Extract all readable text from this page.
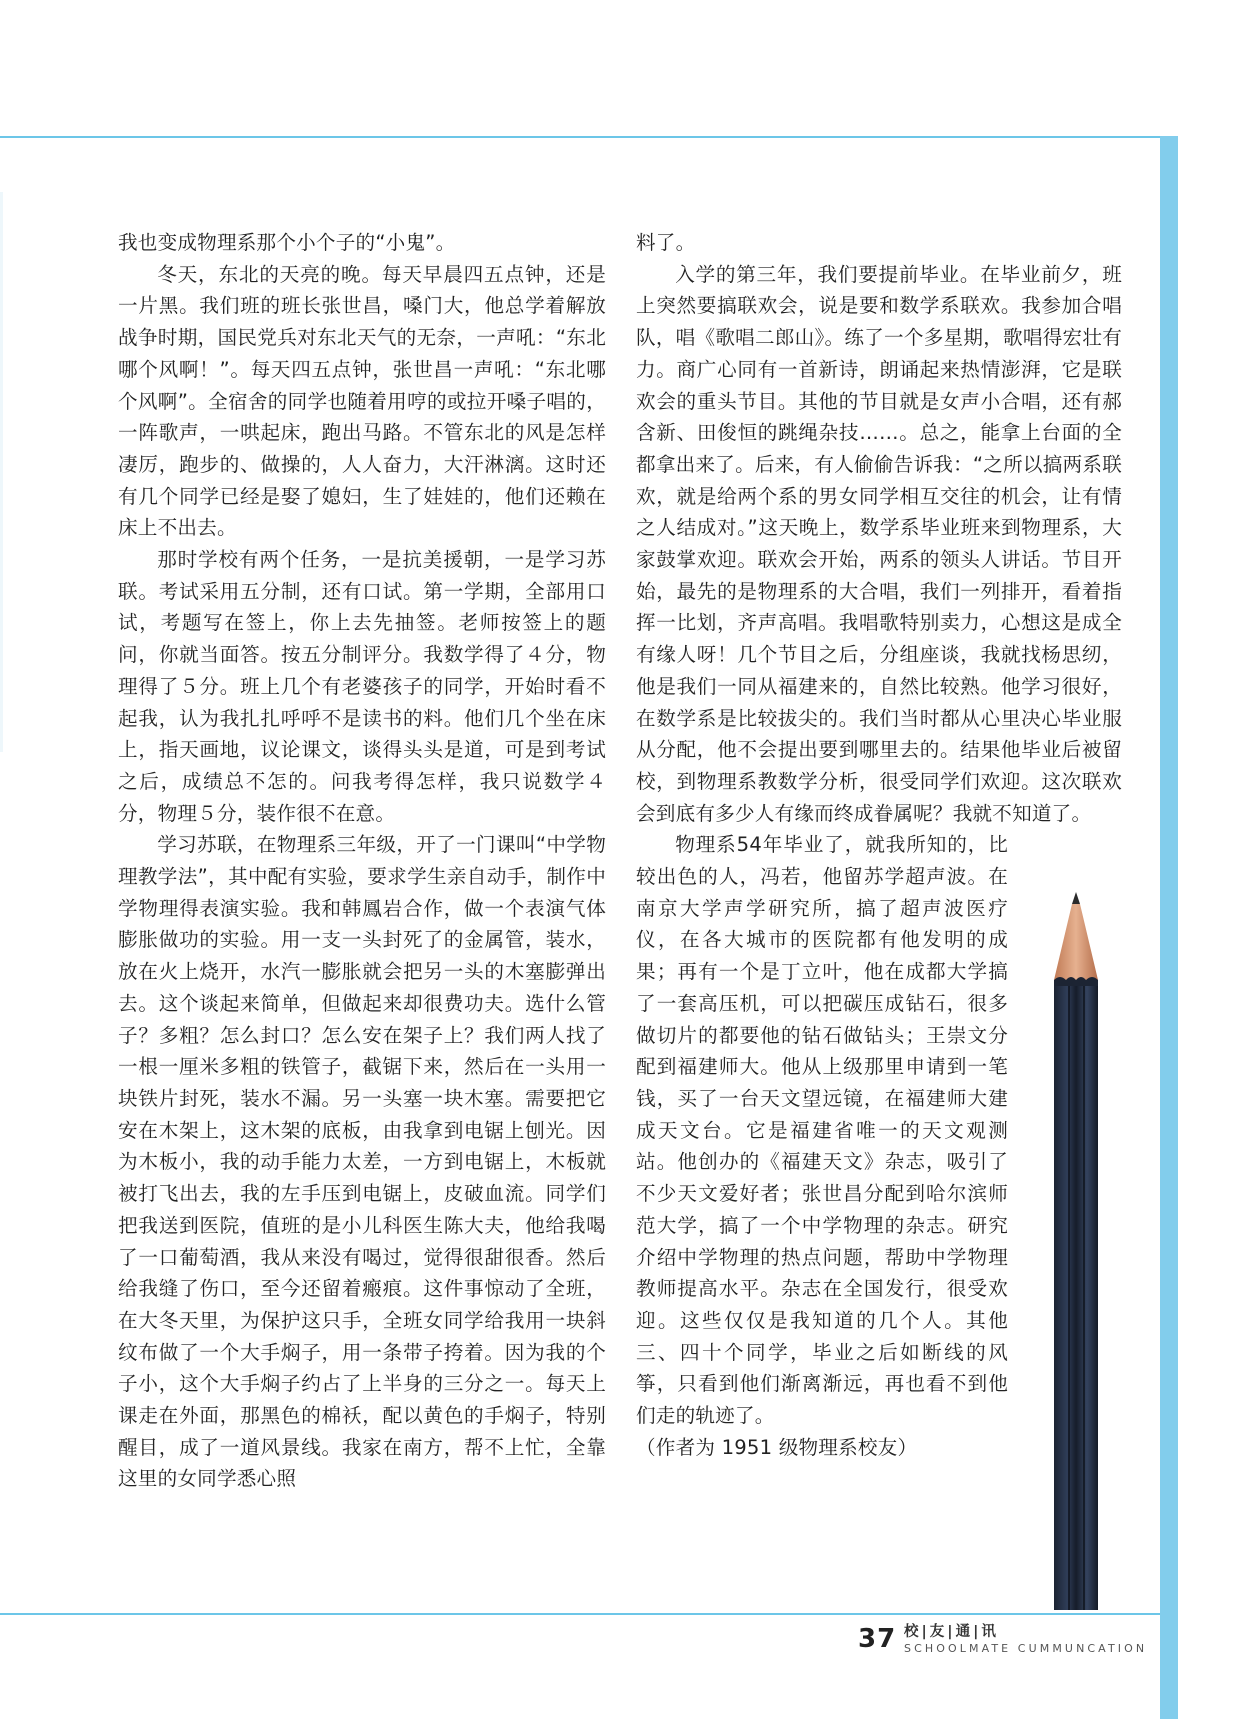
我也变成物理系那个小个子的“小鬼”。

冬天，东北的天亮的晚。每天早晨四五点钟，还是一片黑。我们班的班长张世昌，嗓门大，他总学着解放战争时期，国民党兵对东北天气的无奈，一声吼：“东北哪个风啊！”。每天四五点钟，张世昌一声吼：“东北哪个风啊”。全宿舍的同学也随着用哼的或拉开嗓子唱的，一阵歌声，一哄起床，跑出马路。不管东北的风是怎样凄厉，跑步的、做操的，人人奋力，大汗淋漓。这时还有几个同学已经是娶了媳妇，生了娃娃的，他们还赖在床上不出去。

那时学校有两个任务，一是抗美援朝，一是学习苏联。考试采用五分制，还有口试。第一学期，全部用口试，考题写在签上，你上去先抽签。老师按签上的题问，你就当面答。按五分制评分。我数学得了４分，物理得了５分。班上几个有老婆孩子的同学，开始时看不起我，认为我扎扎呼呼不是读书的料。他们几个坐在床上，指天画地，议论课文，谈得头头是道，可是到考试之后，成绩总不怎的。问我考得怎样，我只说数学４分，物理５分，装作很不在意。

学习苏联，在物理系三年级，开了一门课叫“中学物理教学法”，其中配有实验，要求学生亲自动手，制作中学物理得表演实验。我和韩鳳岩合作，做一个表演气体膨胀做功的实验。用一支一头封死了的金属管，装水，放在火上烧开，水汽一膨胀就会把另一头的木塞膨弹出去。这个谈起来简单，但做起来却很费功夫。选什么管子？多粗？怎么封口？怎么安在架子上？我们两人找了一根一厘米多粗的铁管子，截锯下来，然后在一头用一块铁片封死，装水不漏。另一头塞一块木塞。需要把它安在木架上，这木架的底板，由我拿到电锯上刨光。因为木板小，我的动手能力太差，一方到电锯上，木板就被打飞出去，我的左手压到电锯上，皮破血流。同学们把我送到医院，值班的是小儿科医生陈大夫，他给我喝了一口葡萄酒，我从来没有喝过，觉得很甜很香。然后给我缝了伤口，至今还留着瘢痕。这件事惊动了全班，在大冬天里，为保护这只手，全班女同学给我用一块斜纹布做了一个大手焖子，用一条带子挎着。因为我的个子小，这个大手焖子约占了上半身的三分之一。每天上课走在外面，那黑色的棉袄，配以黄色的手焖子，特别醒目，成了一道风景线。我家在南方，帮不上忙，全靠这里的女同学悉心照

料了。

入学的第三年，我们要提前毕业。在毕业前夕，班上突然要搞联欢会，说是要和数学系联欢。我参加合唱队，唱《歌唱二郎山》。练了一个多星期，歌唱得宏壮有力。商广心同有一首新诗，朗诵起来热情澎湃，它是联欢会的重头节目。其他的节目就是女声小合唱，还有郝含新、田俊恒的跳绳杂技……。总之，能拿上台面的全都拿出来了。后来，有人偷偷告诉我：“之所以搞两系联欢，就是给两个系的男女同学相互交往的机会，让有情之人结成对。”这天晚上，数学系毕业班来到物理系，大家鼓掌欢迎。联欢会开始，两系的领头人讲话。节目开始，最先的是物理系的大合唱，我们一列排开，看着指挥一比划，齐声高唱。我唱歌特别卖力，心想这是成全有缘人呀！几个节目之后，分组座谈，我就找杨思纫，他是我们一同从福建来的，自然比较熟。他学习很好，在数学系是比较拔尖的。我们当时都从心里决心毕业服从分配，他不会提出要到哪里去的。结果他毕业后被留校，到物理系教数学分析，很受同学们欢迎。这次联欢会到底有多少人有缘而终成眷属呢？我就不知道了。

物理系54年毕业了，就我所知的，比较出色的人，冯若，他留苏学超声波。在南京大学声学研究所，搞了超声波医疗仪，在各大城市的医院都有他发明的成果；再有一个是丁立叶，他在成都大学搞了一套高压机，可以把碳压成钻石，很多做切片的都要他的钻石做钻头；王崇文分配到福建师大。他从上级那里申请到一笔钱，买了一台天文望远镜，在福建师大建成天文台。它是福建省唯一的天文观测站。他创办的《福建天文》杂志，吸引了不少天文爱好者；张世昌分配到哈尔滨师范大学，搞了一个中学物理的杂志。研究介绍中学物理的热点问题，帮助中学物理教师提高水平。杂志在全国发行，很受欢迎。这些仅仅是我知道的几个人。其他三、四十个同学，毕业之后如断线的风筝，只看到他们渐离渐远，再也看不到他们走的轨迹了。

（作者为 1951 级物理系校友）

37 校|友|通|讯
SCHOOLMATE CUMMUNCATION
